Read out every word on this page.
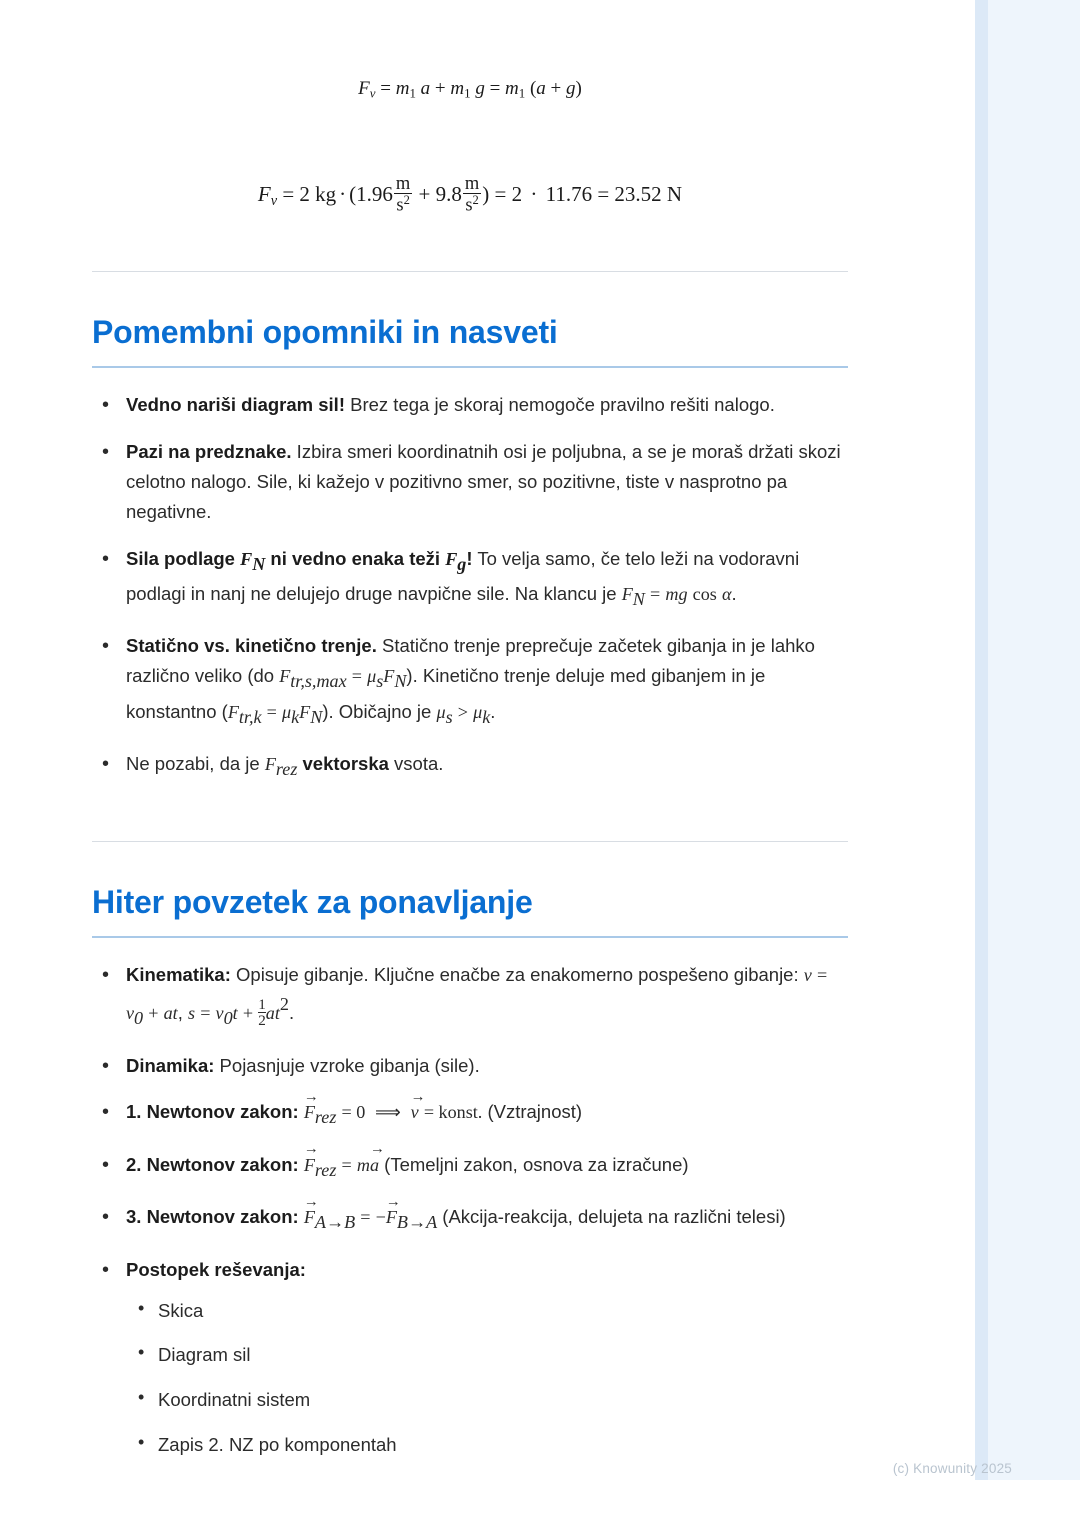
$F_v = m1$ a + m1 g = m1 (a + g)
$F_v = 2$ kg · ($1.96 \frac{m}{s^2} + 9.8 \frac{m}{s^2}$ ) = 2 · 11.76 = 23.52 N
Pomembni opomniki in nasveti
• Vedno nariši diagram sil! Brez tega je skoraj nemogoče pravilno rešiti nalogo.
• Pazi na predznake. Izbira smeri koordinatnih osi je poljubna, a se je moraš držati skozi celotno nalogo. Sile, ki kažejo v pozitivno smer, so pozitivne, tiste v nasprotno pa negativne.
• Sila podlage FN ni vedno enaka teži Fg! To velja samo, če telo leži na vodoravni podlagi in nanj ne delujejo druge navpične sile. Na klancu je FN = mg cos α.
• Statično vs. kinetično trenje. Statično trenje preprečuje začetek gibanja in je lahko različno veliko (do Ftr,s,max = μsFN). Kinetično trenje deluje med gibanjem in je konstantno (Ftr,k = μkFN). Običajno je μs > μk.
• Ne pozabi, da je Frez vektorska vsota.
Hiter povzetek za ponavljanje
• Kinematika: Opisuje gibanje. Ključne enačbe za enakomerno pospešeno gibanje: v = v0 + at, $s = v0t + \frac{1}{2} at2$.
• Dinamika: Pojasnjuje vzroke gibanja (sile).
• 1. Newtonov zakon:
→
Frez = 0  ⟹
→
v = konst. (Vztrajnost)
• 2. Newtonov zakon:
→
Frez = m
→
a (Temeljni zakon, osnova za izračune)
• 3. Newtonov zakon:
→
FA→B = −
→
FB→A (Akcija-reakcija, delujeta na različni telesi)
• Postopek reševanja:
• Skica
• Diagram sil
• Koordinatni sistem
• Zapis 2. NZ po komponentah
(c) Knowunity 2025
